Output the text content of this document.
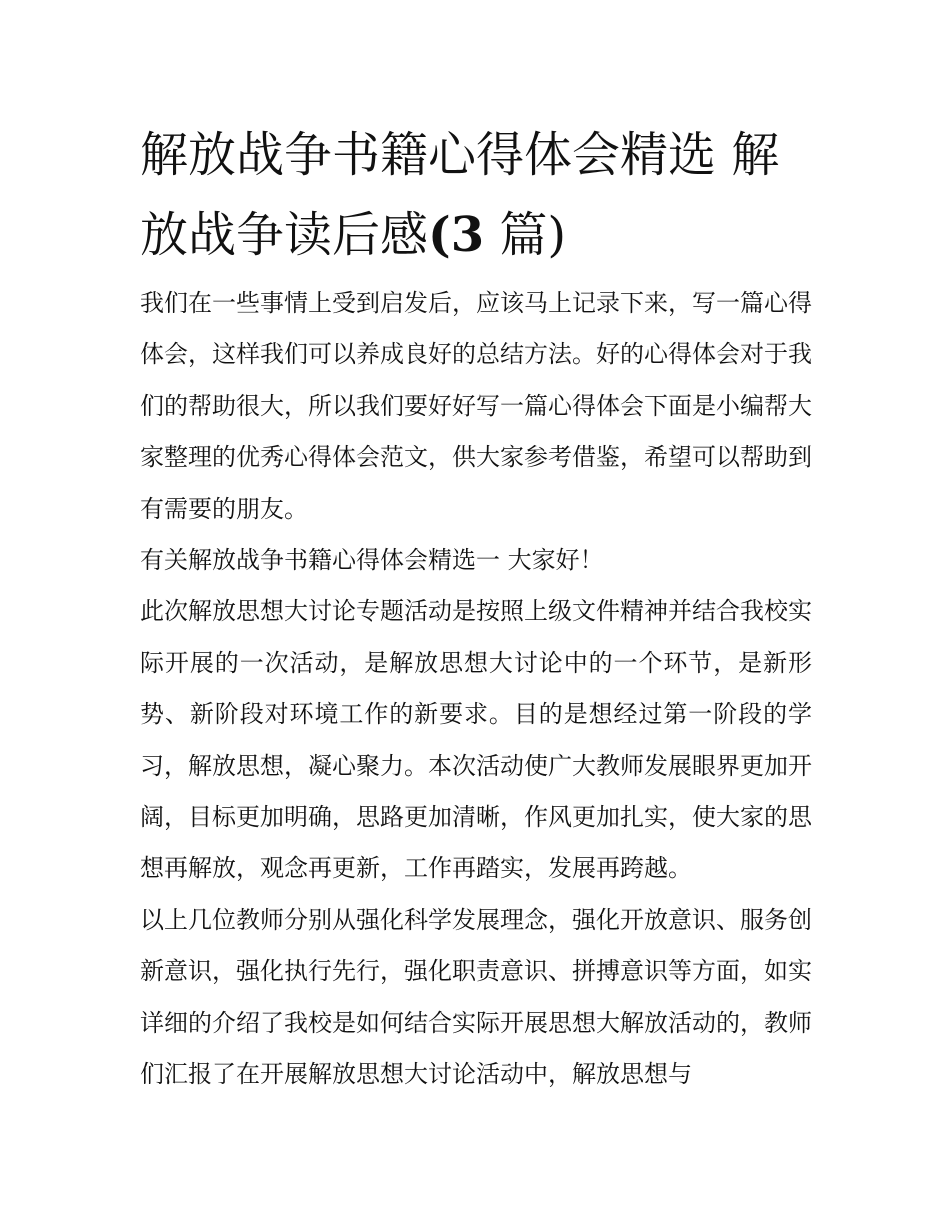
解放战争书籍心得体会精选 解放战争读后感(3 篇)

我们在一些事情上受到启发后，应该马上记录下来，写一篇心得体会，这样我们可以养成良好的总结方法。好的心得体会对于我们的帮助很大，所以我们要好好写一篇心得体会下面是小编帮大家整理的优秀心得体会范文，供大家参考借鉴，希望可以帮助到有需要的朋友。

有关解放战争书籍心得体会精选一 大家好！

此次解放思想大讨论专题活动是按照上级文件精神并结合我校实际开展的一次活动，是解放思想大讨论中的一个环节，是新形势、新阶段对环境工作的新要求。目的是想经过第一阶段的学习，解放思想，凝心聚力。本次活动使广大教师发展眼界更加开阔，目标更加明确，思路更加清晰，作风更加扎实，使大家的思想再解放，观念再更新，工作再踏实，发展再跨越。

以上几位教师分别从强化科学发展理念，强化开放意识、服务创新意识，强化执行先行，强化职责意识、拼搏意识等方面，如实详细的介绍了我校是如何结合实际开展思想大解放活动的，教师们汇报了在开展解放思想大讨论活动中，解放思想与
